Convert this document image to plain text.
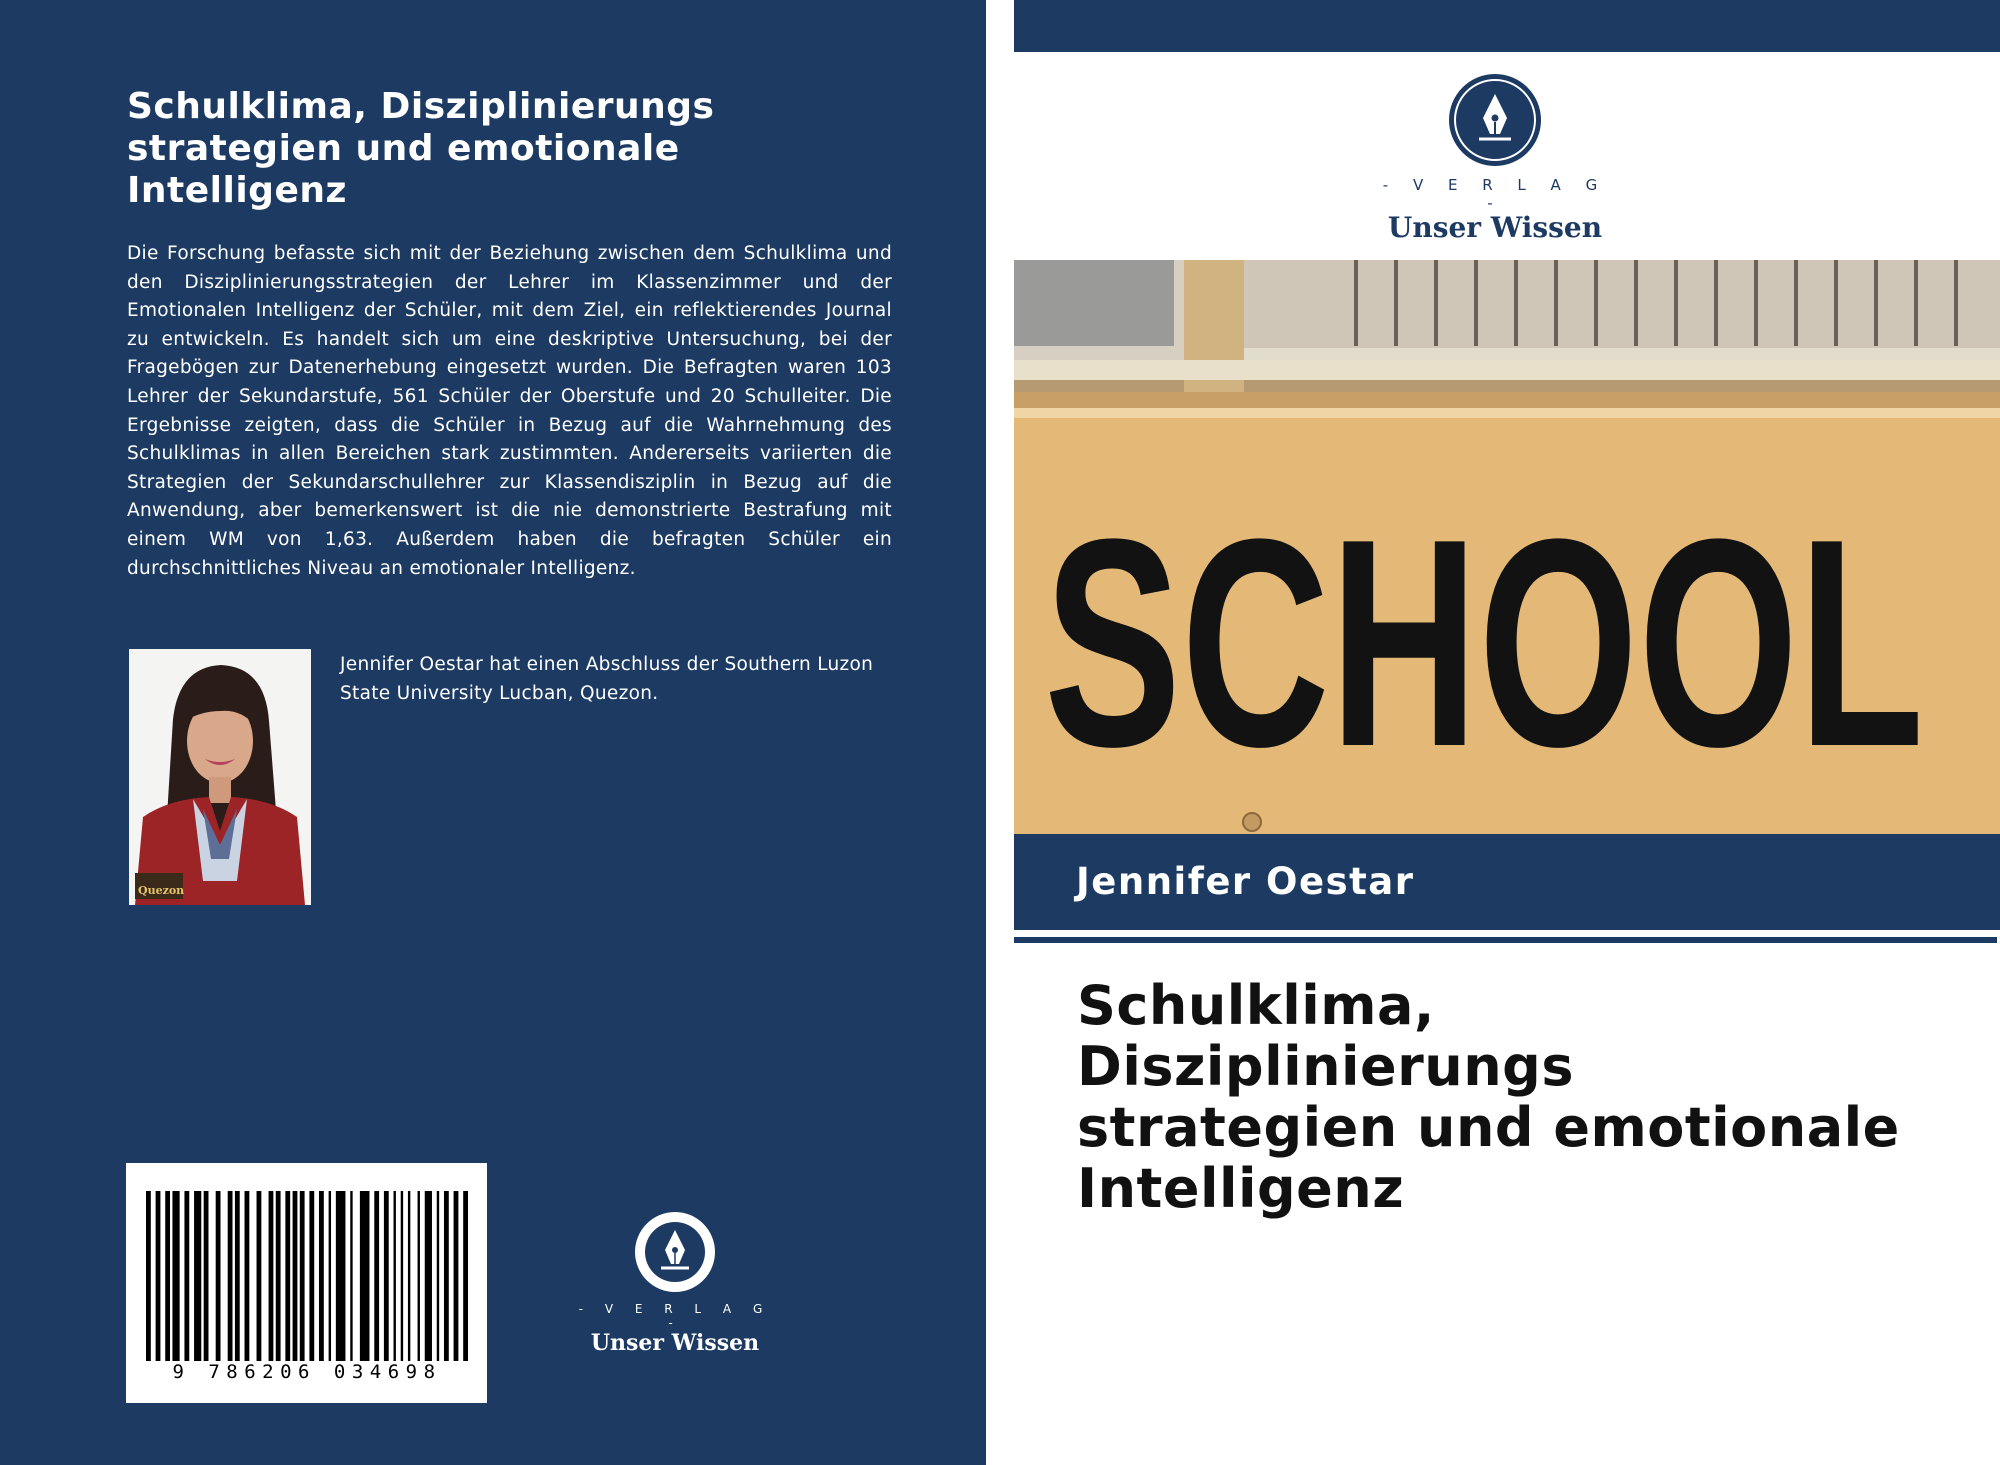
Schulklima, Disziplinierungs strategien und emotionale Intelligenz
Die Forschung befasste sich mit der Beziehung zwischen dem Schulklima und den Disziplinierungsstrategien der Lehrer im Klassenzimmer und der Emotionalen Intelligenz der Schüler, mit dem Ziel, ein reflektierendes Journal zu entwickeln. Es handelt sich um eine deskriptive Untersuchung, bei der Fragebögen zur Datenerhebung eingesetzt wurden. Die Befragten waren 103 Lehrer der Sekundarstufe, 561 Schüler der Oberstufe und 20 Schulleiter. Die Ergebnisse zeigten, dass die Schüler in Bezug auf die Wahrnehmung des Schulklimas in allen Bereichen stark zustimmten. Andererseits variierten die Strategien der Sekundarschullehrer zur Klassendisziplin in Bezug auf die Anwendung, aber bemerkenswert ist die nie demonstrierte Bestrafung mit einem WM von 1,63. Außerdem haben die befragten Schüler ein durchschnittliches Niveau an emotionaler Intelligenz.
Quezon
Jennifer Oestar hat einen Abschluss der Southern Luzon State University Lucban, Quezon.
9 786206 034698
- V E R L A G -
Unser Wissen
- V E R L A G -
Unser Wissen
SCHOOL
Jennifer Oestar
Schulklima,
Disziplinierungs
strategien und emotionale
Intelligenz
